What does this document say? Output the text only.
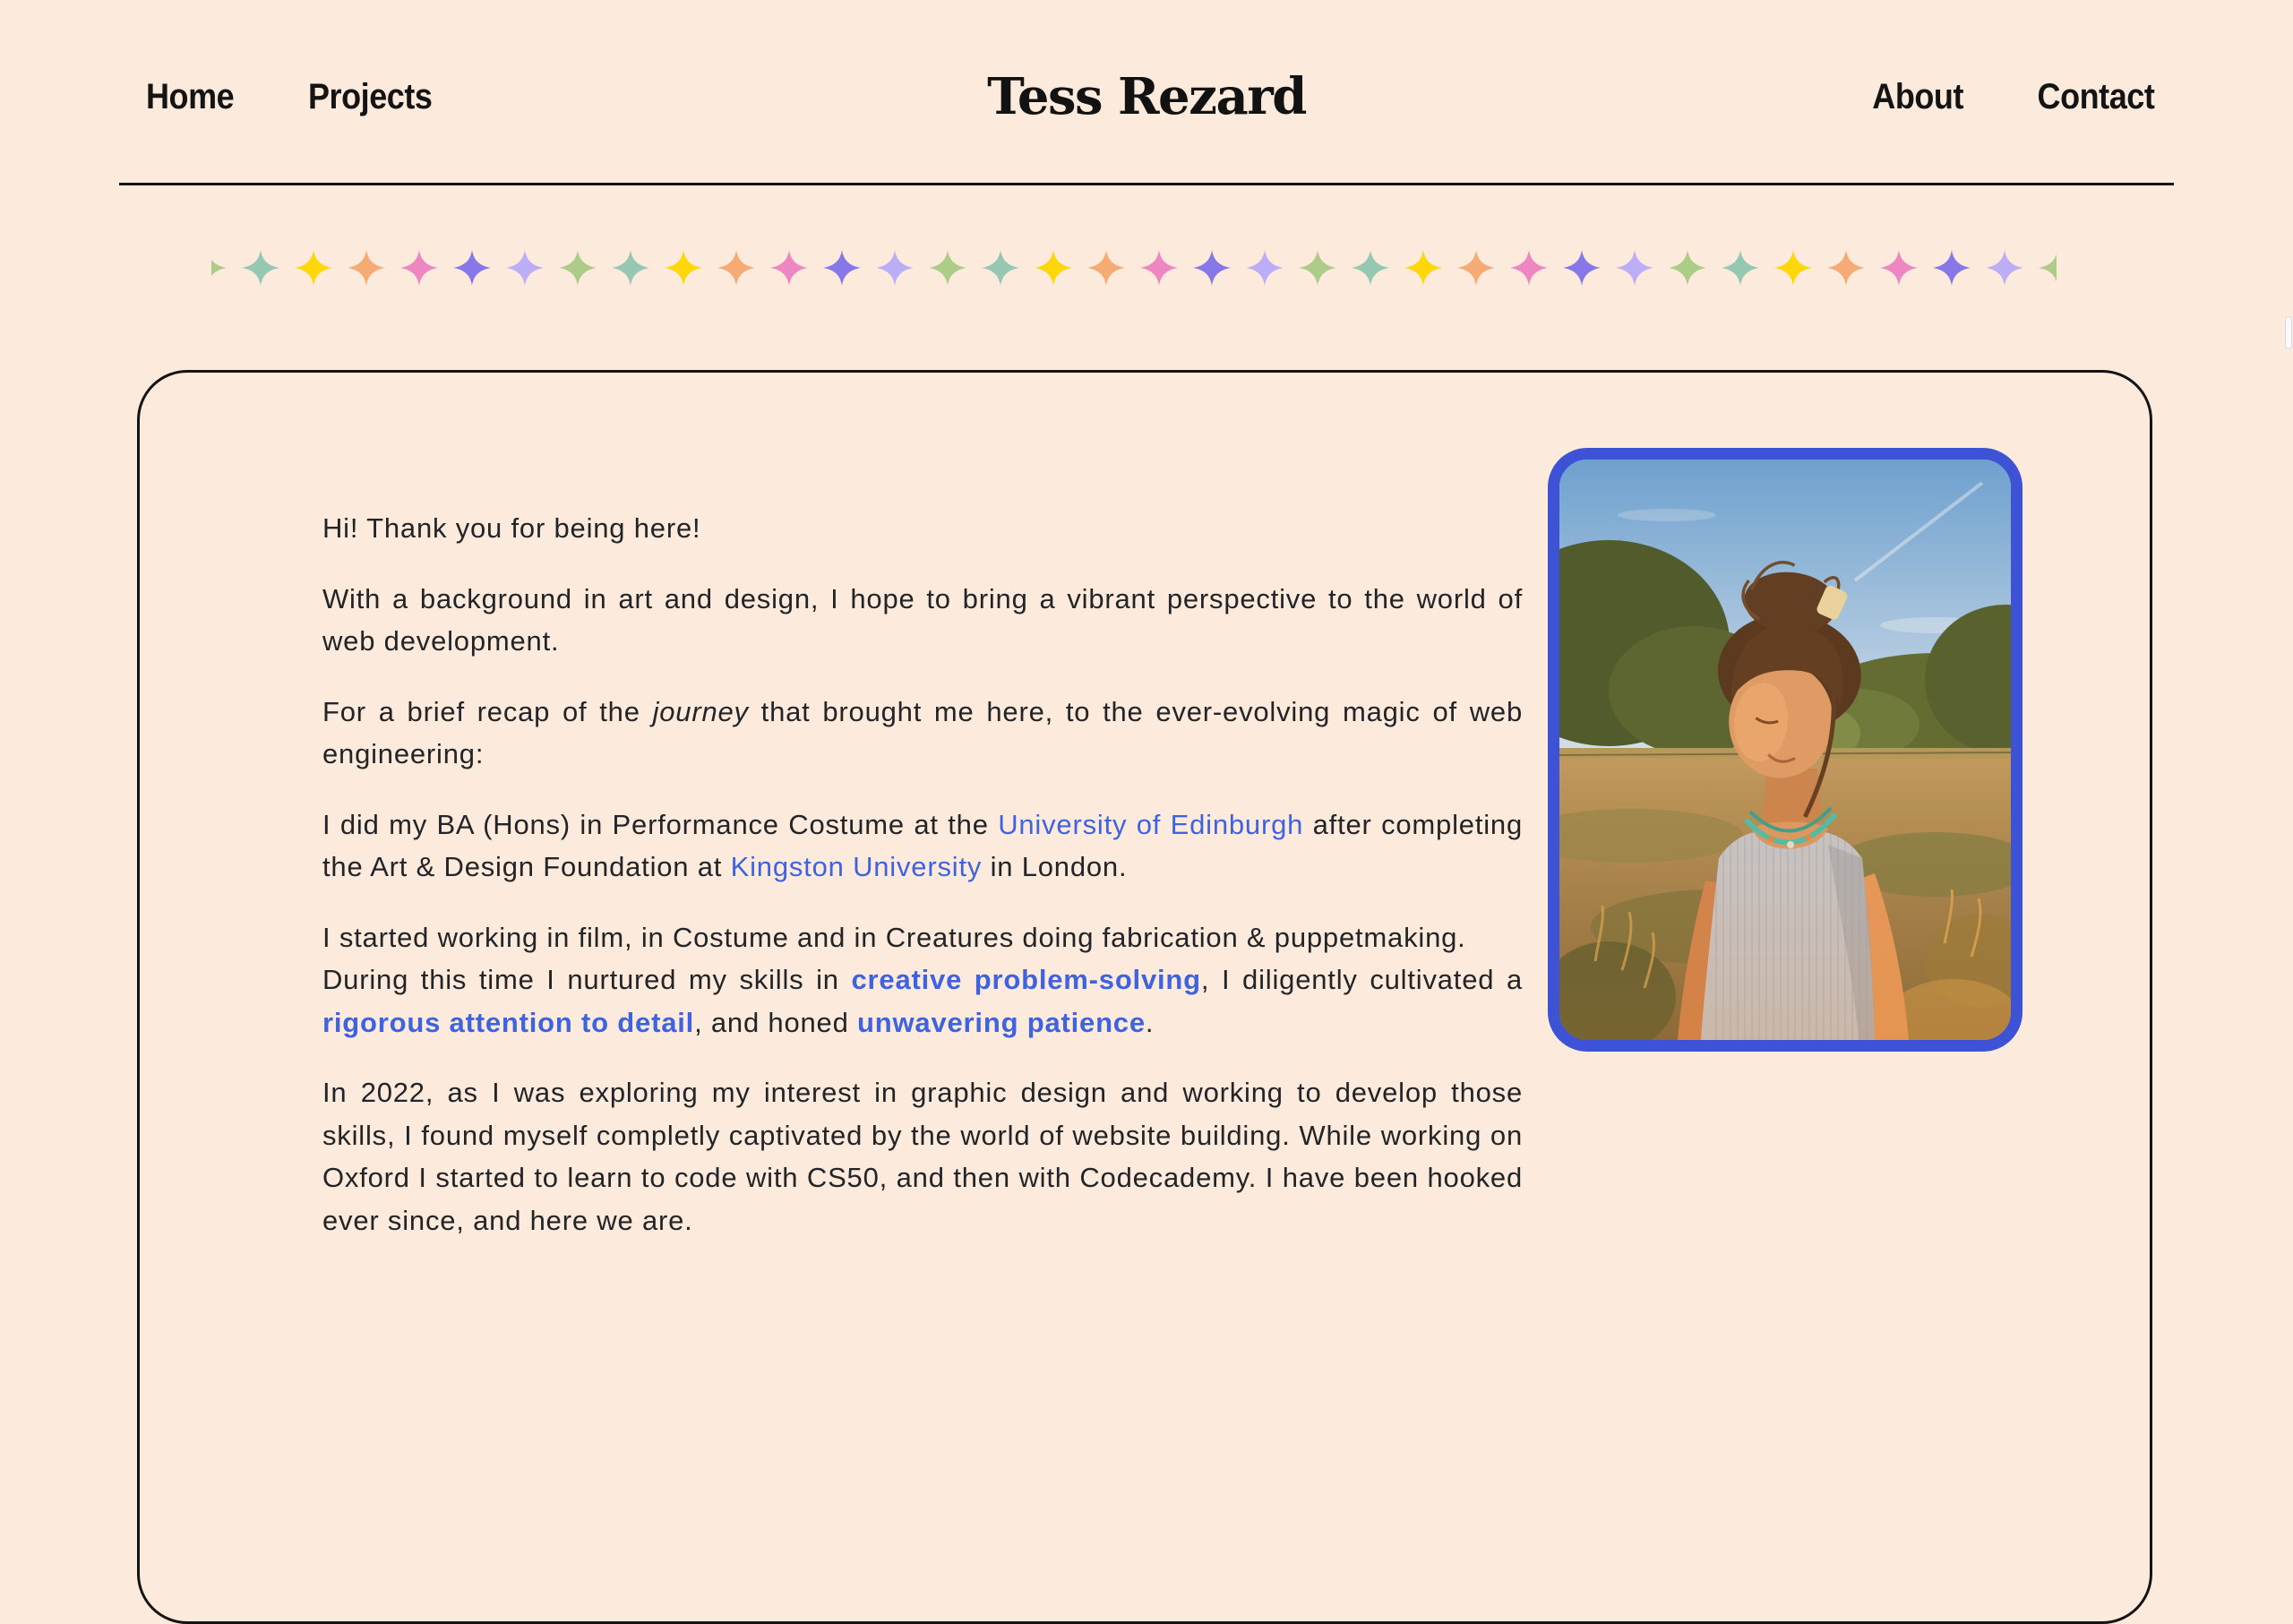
Home Projects	Tess Rezard	About Contact

Hi! Thank you for being here!

With a background in art and design, I hope to bring a vibrant perspective to the world of web development.

For a brief recap of the journey that brought me here, to the ever-evolving magic of web engineering:

I did my BA (Hons) in Performance Costume at the University of Edinburgh after completing the Art & Design Foundation at Kingston University in London.

I started working in film, in Costume and in Creatures doing fabrication & puppetmaking.
During this time I nurtured my skills in creative problem-solving, I diligently cultivated a rigorous attention to detail, and honed unwavering patience.

In 2022, as I was exploring my interest in graphic design and working to develop those skills, I found myself completly captivated by the world of website building. While working on Oxford I started to learn to code with CS50, and then with Codecademy. I have been hooked ever since, and here we are.
